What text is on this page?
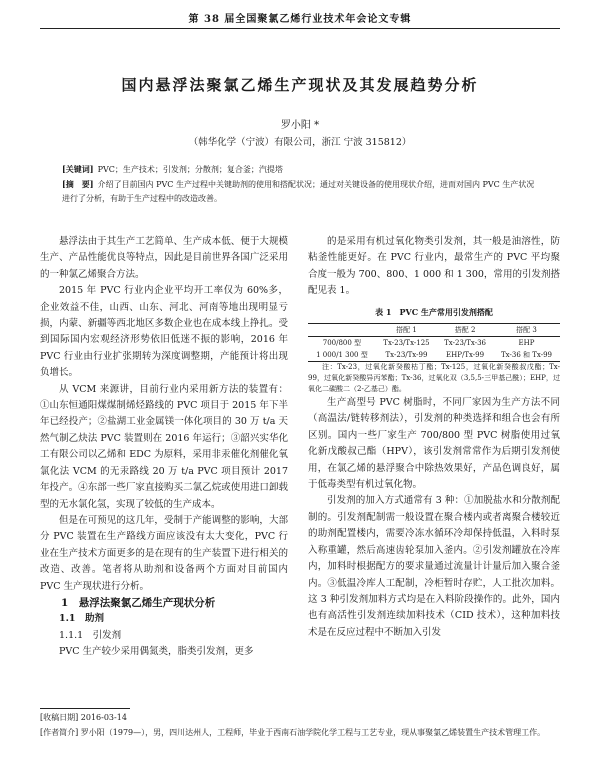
第 38 届全国聚氯乙烯行业技术年会论文专辑
国内悬浮法聚氯乙烯生产现状及其发展趋势分析
罗小阳 *
（韩华化学（宁波）有限公司，浙江 宁波 315812）
[关键词] PVC；生产技术；引发剂；分散剂；复合釜；汽提塔
[摘　要] 介绍了目前国内 PVC 生产过程中关键助剂的使用和搭配状况；通过对关键设备的使用现状介绍，进而对国内 PVC 生产状况进行了分析，有助于生产过程中的改造改善。

悬浮法由于其生产工艺简单、生产成本低、便于大规模生产、产品性能优良等特点，因此是目前世界各国广泛采用的一种氯乙烯聚合方法。

2015 年 PVC 行业内企业平均开工率仅为 60%多，企业效益不佳，山西、山东、河北、河南等地出现明显亏损，内蒙、新疆等西北地区多数企业也在成本线上挣扎。受到国际国内宏观经济形势依旧低迷不振的影响，2016 年 PVC 行业由行业扩张期转为深度调整期，产能预计将出现负增长。

从 VCM 来源讲，目前行业内采用新方法的装置有：①山东恒通阳煤煤制烯烃路线的 PVC 项目于 2015 年下半年已经投产；②盐湖工业金属镁一体化项目的 30 万 t/a 天然气制乙炔法 PVC 装置则在 2016 年运行；③韶兴实华化工有限公司以乙烯和 EDC 为原料，采用非汞催化剂催化氧氯化法 VCM 的无汞路线 20 万 t/a PVC 项目预计 2017 年投产。④东部一些厂家直接购买二氯乙烷或使用进口卸载型的无水氯化氢，实现了较低的生产成本。

但是在可预见的这几年，受制于产能调整的影响，大部分 PVC 装置在生产路线方面应该没有太大变化，PVC 行业在生产技术方面更多的是在现有的生产装置下进行相关的改造、改善。笔者将从助剂和设备两个方面对目前国内 PVC 生产现状进行分析。

1　悬浮法聚氯乙烯生产现状分析

1.1　助剂

1.1.1　引发剂

PVC 生产较少采用偶氮类，脂类引发剂，更多

的是采用有机过氧化物类引发剂，其一般是油溶性，防粘釜性能更好。在 PVC 行业内，最常生产的 PVC 平均聚合度一般为 700、800、1 000 和 1 300，常用的引发剂搭配见表 1。

表 1　PVC 生产常用引发剂搭配
	搭配 1	搭配 2	搭配 3
700/800 型	Tx-23/Tx-125	Tx-23/Tx-36	EHP
1 000/1 300 型	Tx-23/Tx-99	EHP/Tx-99	Tx-36 和 Tx-99

注：Tx-23，过氧化新癸酸枯丁酯；Tx-125，过氧化新癸酸叔戊酯；Tx-99，过氧化新癸酸异丙苯酯；Tx-36，过氧化双（3,5,5-三甲基己酰）；EHP，过氧化二碳酸二（2-乙基己）酯。

生产高型号 PVC 树脂时，不同厂家因为生产方法不同（高温法/链转移剂法），引发剂的种类选择和组合也会有所区别。国内一些厂家生产 700/800 型 PVC 树脂使用过氧化新戊酸叔己酯（HPV），该引发剂常常作为后期引发剂使用，在氯乙烯的悬浮聚合中除热效果好，产品色调良好，属于低毒类型有机过氧化物。

引发剂的加入方式通常有 3 种：①加脱盐水和分散剂配制的。引发剂配制需一般设置在聚合楼内或者离聚合楼较近的助剂配置楼内，需要冷冻水循环冷却保持低温，入料时泵入称重罐，然后高速齿轮泵加入釜内。②引发剂罐放在冷库内，加料时根据配方的要求量通过流量计计量后加入聚合釜内。③低温冷库人工配制，冷柜暂时存贮，人工批次加料。这 3 种引发剂加料方式均是在入料阶段操作的。此外，国内也有高活性引发剂连续加料技术（CID 技术），这种加料技术是在反应过程中不断加入引发

[收稿日期] 2016-03-14
[作者简介] 罗小阳（1979—），男，四川达州人，工程师，毕业于西南石油学院化学工程与工艺专业，现从事聚氯乙烯装置生产技术管理工作。
